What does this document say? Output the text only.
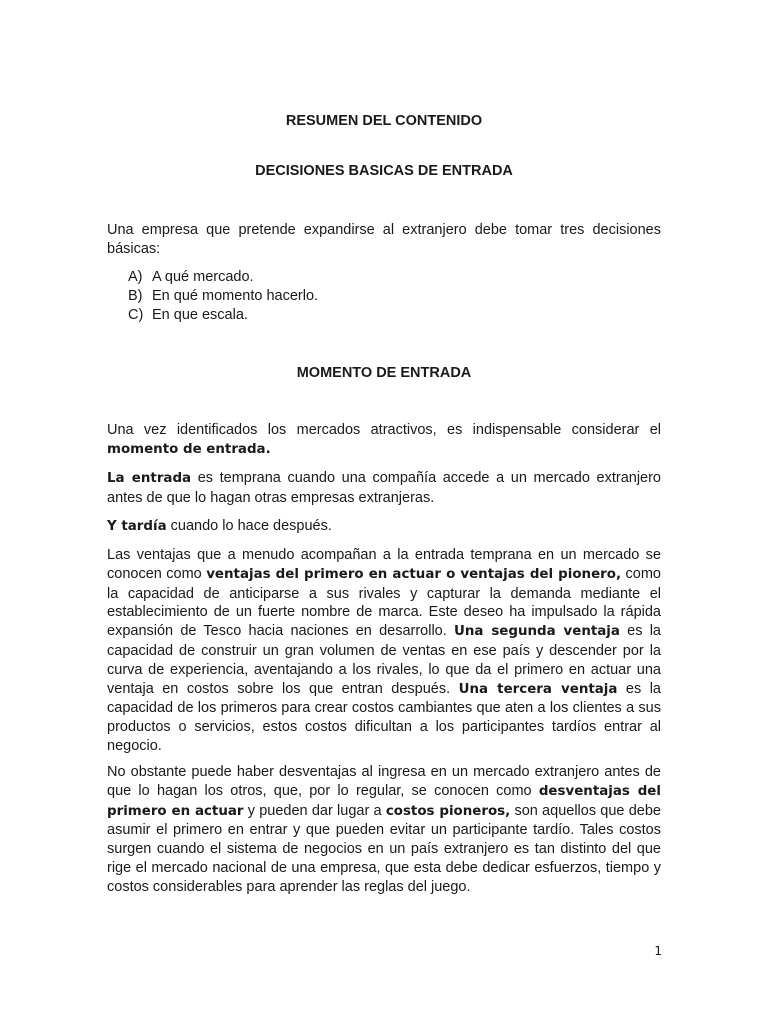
RESUMEN DEL CONTENIDO
DECISIONES BASICAS DE ENTRADA

Una empresa que pretende expandirse al extranjero debe tomar tres decisiones básicas:

A) A qué mercado.
B) En qué momento hacerlo.
C) En que escala.
MOMENTO DE ENTRADA

Una vez identificados los mercados atractivos, es indispensable considerar el momento de entrada.

La entrada es temprana cuando una compañía accede a un mercado extranjero antes de que lo hagan otras empresas extranjeras.

Y tardía cuando lo hace después.

Las ventajas que a menudo acompañan a la entrada temprana en un mercado se conocen como ventajas del primero en actuar o ventajas del pionero, como la capacidad de anticiparse a sus rivales y capturar la demanda mediante el establecimiento de un fuerte nombre de marca. Este deseo ha impulsado la rápida expansión de Tesco hacia naciones en desarrollo. Una segunda ventaja es la capacidad de construir un gran volumen de ventas en ese país y descender por la curva de experiencia, aventajando a los rivales, lo que da el primero en actuar una ventaja en costos sobre los que entran después. Una tercera ventaja es la capacidad de los primeros para crear costos cambiantes que aten a los clientes a sus productos o servicios, estos costos dificultan a los participantes tardíos entrar al negocio.

No obstante puede haber desventajas al ingresa en un mercado extranjero antes de que lo hagan los otros, que, por lo regular, se conocen como desventajas del primero en actuar y pueden dar lugar a costos pioneros, son aquellos que debe asumir el primero en entrar y que pueden evitar un participante tardío. Tales costos surgen cuando el sistema de negocios en un país extranjero es tan distinto del que rige el mercado nacional de una empresa, que esta debe dedicar esfuerzos, tiempo y costos considerables para aprender las reglas del juego.

1
